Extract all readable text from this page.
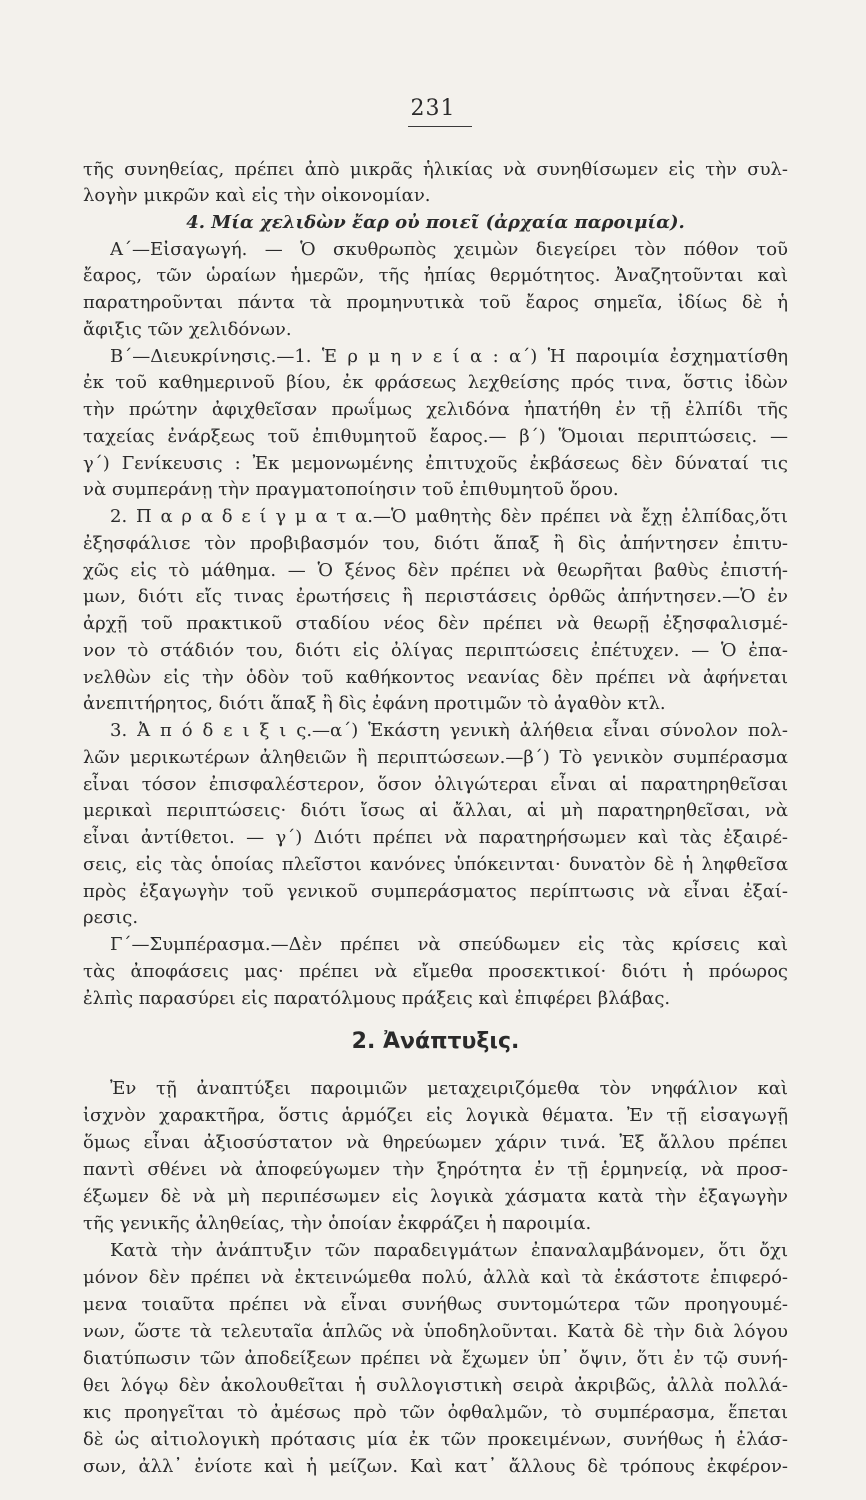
231
τῆς συνηθείας, πρέπει ἀπὸ μικρᾶς ἡλικίας νὰ συνηθίσωμεν εἰς τὴν συλ-
λογὴν μικρῶν καὶ εἰς τὴν οἰκονομίαν.
4. Μία χελιδὼν ἔαρ οὐ ποιεῖ (ἀρχαία παροιμία).
Α΄—Εἰσαγωγή. — Ὁ σκυθρωπὸς χειμὼν διεγείρει τὸν πόθον τοῦ
ἔαρος, τῶν ὡραίων ἡμερῶν, τῆς ἠπίας θερμότητος. Ἀναζητοῦνται καὶ
παρατηροῦνται πάντα τὰ προμηνυτικὰ τοῦ ἔαρος σημεῖα, ἰδίως δὲ ἡ
ἄφιξις τῶν χελιδόνων.
Β΄—Διευκρίνησις.—1. Ἑ ρ μ η ν ε ί α : α΄) Ἡ παροιμία ἐσχηματίσθη
ἐκ τοῦ καθημερινοῦ βίου, ἐκ φράσεως λεχθείσης πρός τινα, ὅστις ἰδὼν
τὴν πρώτην ἀφιχθεῖσαν πρωΐμως χελιδόνα ἠπατήθη ἐν τῇ ἐλπίδι τῆς
ταχείας ἐνάρξεως τοῦ ἐπιθυμητοῦ ἔαρος.— β΄) Ὅμοιαι περιπτώσεις. —
γ΄) Γενίκευσις : Ἐκ μεμονωμένης ἐπιτυχοῦς ἐκβάσεως δὲν δύναταί τις
νὰ συμπεράνῃ τὴν πραγματοποίησιν τοῦ ἐπιθυμητοῦ ὅρου.
2. Π α ρ α δ ε ί γ μ α τ α.—Ὁ μαθητὴς δὲν πρέπει νὰ ἔχῃ ἐλπίδας,ὅτι
ἐξησφάλισε τὸν προβιβασμόν του, διότι ἅπαξ ἢ δὶς ἀπήντησεν ἐπιτυ-
χῶς εἰς τὸ μάθημα. — Ὁ ξένος δὲν πρέπει νὰ θεωρῆται βαθὺς ἐπιστή-
μων, διότι εἴς τινας ἐρωτήσεις ἢ περιστάσεις ὀρθῶς ἀπήντησεν.—Ὁ ἐν
ἀρχῇ τοῦ πρακτικοῦ σταδίου νέος δὲν πρέπει νὰ θεωρῇ ἐξησφαλισμέ-
νον τὸ στάδιόν του, διότι εἰς ὀλίγας περιπτώσεις ἐπέτυχεν. — Ὁ ἐπα-
νελθὼν εἰς τὴν ὁδὸν τοῦ καθήκοντος νεανίας δὲν πρέπει νὰ ἀφήνεται
ἀνεπιτήρητος, διότι ἅπαξ ἢ δὶς ἐφάνη προτιμῶν τὸ ἀγαθὸν κτλ.
3. Ἀ π ό δ ε ι ξ ι ς.—α΄) Ἑκάστη γενικὴ ἀλήθεια εἶναι σύνολον πολ-
λῶν μερικωτέρων ἀληθειῶν ἢ περιπτώσεων.—β΄) Τὸ γενικὸν συμπέρασμα
εἶναι τόσον ἐπισφαλέστερον, ὅσον ὀλιγώτεραι εἶναι αἱ παρατηρηθεῖσαι
μερικαὶ περιπτώσεις· διότι ἴσως αἱ ἄλλαι, αἱ μὴ παρατηρηθεῖσαι, νὰ
εἶναι ἀντίθετοι. — γ΄) Διότι πρέπει νὰ παρατηρήσωμεν καὶ τὰς ἐξαιρέ-
σεις, εἰς τὰς ὁποίας πλεῖστοι κανόνες ὑπόκεινται· δυνατὸν δὲ ἡ ληφθεῖσα
πρὸς ἐξαγωγὴν τοῦ γενικοῦ συμπεράσματος περίπτωσις νὰ εἶναι ἐξαί-
ρεσις.
Γ΄—Συμπέρασμα.—Δὲν πρέπει νὰ σπεύδωμεν εἰς τὰς κρίσεις καὶ
τὰς ἀποφάσεις μας· πρέπει νὰ εἴμεθα προσεκτικοί· διότι ἡ πρόωρος
ἐλπὶς παρασύρει εἰς παρατόλμους πράξεις καὶ ἐπιφέρει βλάβας.
2. Ἀνάπτυξις.
Ἐν τῇ ἀναπτύξει παροιμιῶν μεταχειριζόμεθα τὸν νηφάλιον καὶ
ἰσχνὸν χαρακτῆρα, ὅστις ἁρμόζει εἰς λογικὰ θέματα. Ἐν τῇ εἰσαγωγῇ
ὅμως εἶναι ἀξιοσύστατον νὰ θηρεύωμεν χάριν τινά. Ἐξ ἄλλου πρέπει
παντὶ σθένει νὰ ἀποφεύγωμεν τὴν ξηρότητα ἐν τῇ ἑρμηνείᾳ, νὰ προσ-
έξωμεν δὲ νὰ μὴ περιπέσωμεν εἰς λογικὰ χάσματα κατὰ τὴν ἐξαγωγὴν
τῆς γενικῆς ἀληθείας, τὴν ὁποίαν ἐκφράζει ἡ παροιμία.
Κατὰ τὴν ἀνάπτυξιν τῶν παραδειγμάτων ἐπαναλαμβάνομεν, ὅτι ὄχι
μόνον δὲν πρέπει νὰ ἐκτεινώμεθα πολύ, ἀλλὰ καὶ τὰ ἑκάστοτε ἐπιφερό-
μενα τοιαῦτα πρέπει νὰ εἶναι συνήθως συντομώτερα τῶν προηγουμέ-
νων, ὥστε τὰ τελευταῖα ἁπλῶς νὰ ὑποδηλοῦνται. Κατὰ δὲ τὴν διὰ λόγου
διατύπωσιν τῶν ἀποδείξεων πρέπει νὰ ἔχωμεν ὑπ᾿ ὄψιν, ὅτι ἐν τῷ συνή-
θει λόγῳ δὲν ἀκολουθεῖται ἡ συλλογιστικὴ σειρὰ ἀκριβῶς, ἀλλὰ πολλά-
κις προηγεῖται τὸ ἀμέσως πρὸ τῶν ὀφθαλμῶν, τὸ συμπέρασμα, ἕπεται
δὲ ὡς αἰτιολογικὴ πρότασις μία ἐκ τῶν προκειμένων, συνήθως ἡ ἐλάσ-
σων, ἀλλ᾿ ἐνίοτε καὶ ἡ μείζων. Καὶ κατ᾿ ἄλλους δὲ τρόπους ἐκφέρον-
